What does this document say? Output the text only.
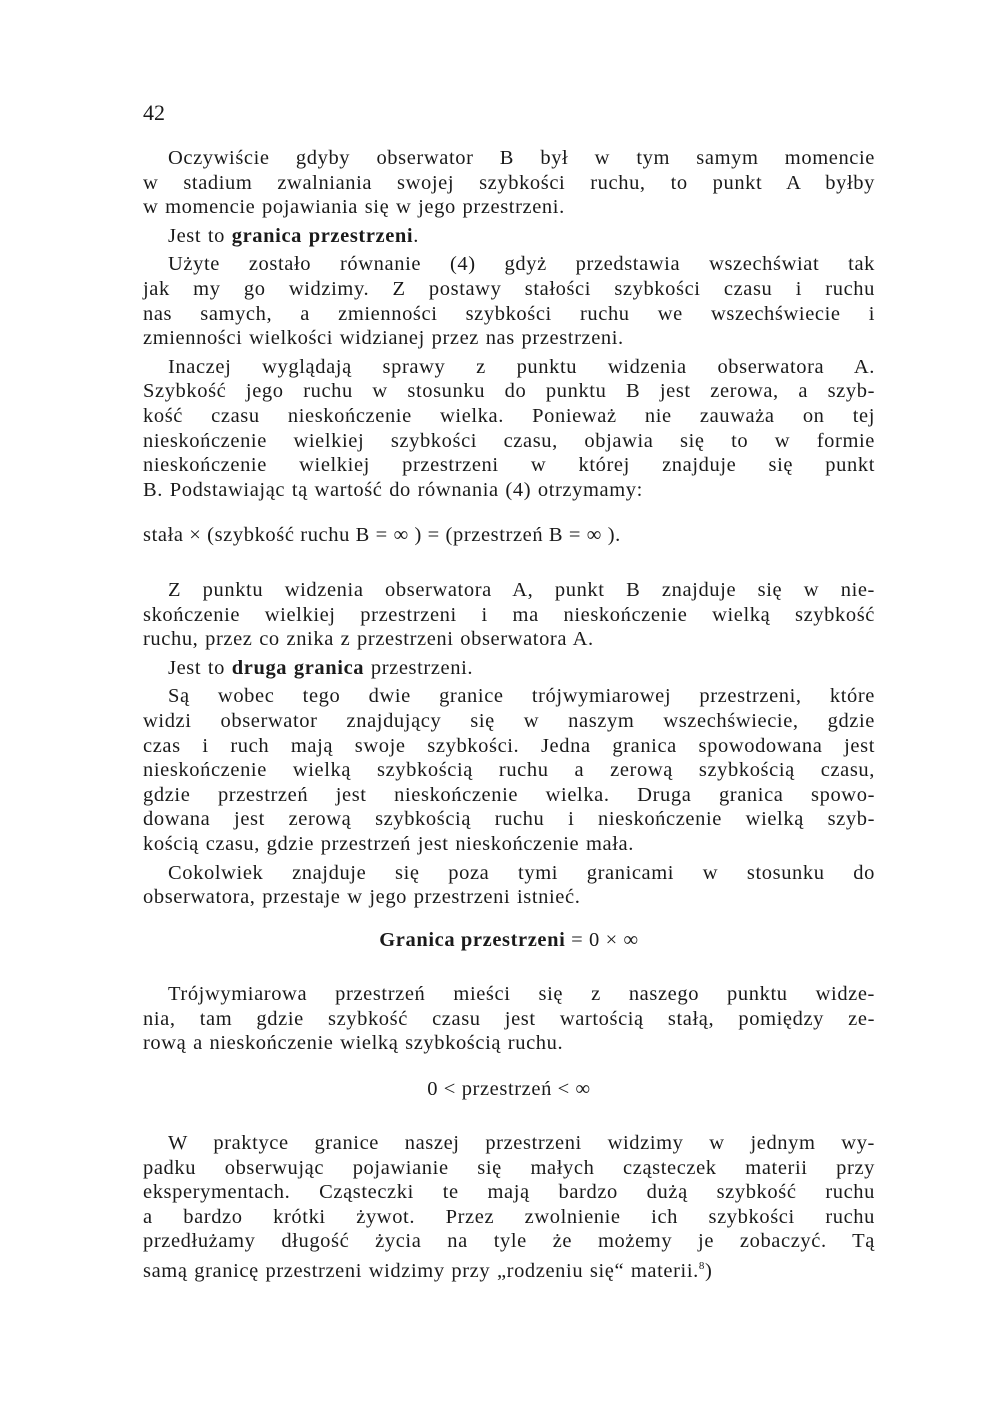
42

Oczywiście gdyby obserwator B był w tym samym momencie
w stadium zwalniania swojej szybkości ruchu, to punkt A byłby
w momencie pojawiania się w jego przestrzeni.

Jest to granica przestrzeni.

Użyte zostało równanie (4) gdyż przedstawia wszechświat tak
jak my go widzimy. Z postawy stałości szybkości czasu i ruchu
nas samych, a zmienności szybkości ruchu we wszechświecie i
zmienności wielkości widzianej przez nas przestrzeni.

Inaczej wyglądają sprawy z punktu widzenia obserwatora A.
Szybkość jego ruchu w stosunku do punktu B jest zerowa, a szyb-
kość czasu nieskończenie wielka. Ponieważ nie zauważa on tej
nieskończenie wielkiej szybkości czasu, objawia się to w formie
nieskończenie wielkiej przestrzeni w której znajduje się punkt
B. Podstawiając tą wartość do równania (4) otrzymamy:

stała × (szybkość ruchu B = ∞ ) = (przestrzeń B = ∞ ).

Z punktu widzenia obserwatora A, punkt B znajduje się w nie-
skończenie wielkiej przestrzeni i ma nieskończenie wielką szybkość
ruchu, przez co znika z przestrzeni obserwatora A.

Jest to druga granica przestrzeni.

Są wobec tego dwie granice trójwymiarowej przestrzeni, które
widzi obserwator znajdujący się w naszym wszechświecie, gdzie
czas i ruch mają swoje szybkości. Jedna granica spowodowana jest
nieskończenie wielką szybkością ruchu a zerową szybkością czasu,
gdzie przestrzeń jest nieskończenie wielka. Druga granica spowo-
dowana jest zerową szybkością ruchu i nieskończenie wielką szyb-
kością czasu, gdzie przestrzeń jest nieskończenie mała.

Cokolwiek znajduje się poza tymi granicami w stosunku do
obserwatora, przestaje w jego przestrzeni istnieć.

Granica przestrzeni = 0 × ∞

Trójwymiarowa przestrzeń mieści się z naszego punktu widze-
nia, tam gdzie szybkość czasu jest wartością stałą, pomiędzy ze-
rową a nieskończenie wielką szybkością ruchu.

0 < przestrzeń < ∞

W praktyce granice naszej przestrzeni widzimy w jednym wy-
padku obserwując pojawianie się małych cząsteczek materii przy
eksperymentach. Cząsteczki te mają bardzo dużą szybkość ruchu
a bardzo krótki żywot. Przez zwolnienie ich szybkości ruchu
przedłużamy długość życia na tyle że możemy je zobaczyć. Tą
samą granicę przestrzeni widzimy przy „rodzeniu się“ materii.$^8$)
